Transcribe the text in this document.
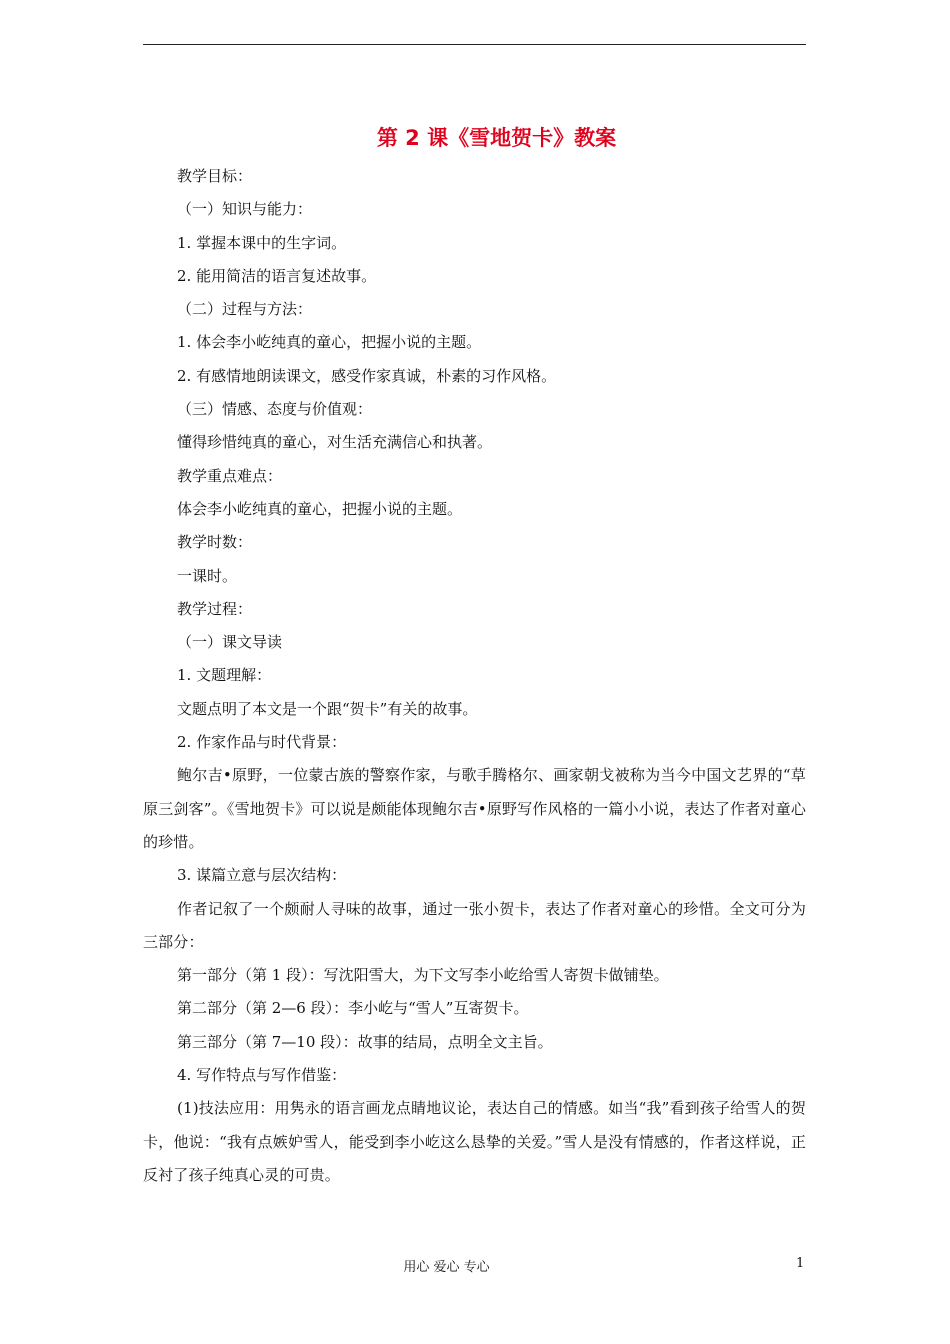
第 2 课《雪地贺卡》教案

教学目标：

（一）知识与能力：

1. 掌握本课中的生字词。

2. 能用简洁的语言复述故事。

（二）过程与方法：

1. 体会李小屹纯真的童心，把握小说的主题。

2. 有感情地朗读课文，感受作家真诚，朴素的习作风格。

（三）情感、态度与价值观：

懂得珍惜纯真的童心，对生活充满信心和执著。

教学重点难点：

体会李小屹纯真的童心，把握小说的主题。

教学时数：

一课时。

教学过程：

（一）课文导读

1. 文题理解：

文题点明了本文是一个跟“贺卡”有关的故事。

2. 作家作品与时代背景：

鲍尔吉•原野，一位蒙古族的警察作家，与歌手腾格尔、画家朝戈被称为当今中国文艺界的“草原三剑客”。《雪地贺卡》可以说是颇能体现鲍尔吉•原野写作风格的一篇小小说，表达了作者对童心的珍惜。

3. 谋篇立意与层次结构：

作者记叙了一个颇耐人寻味的故事，通过一张小贺卡，表达了作者对童心的珍惜。全文可分为三部分：

第一部分（第 1 段）：写沈阳雪大，为下文写李小屹给雪人寄贺卡做铺垫。

第二部分（第 2—6 段）：李小屹与“雪人”互寄贺卡。

第三部分（第 7—10 段）：故事的结局，点明全文主旨。

4. 写作特点与写作借鉴：

(1)技法应用：用隽永的语言画龙点睛地议论，表达自己的情感。如当“我”看到孩子给雪人的贺卡，他说：“我有点嫉妒雪人，能受到李小屹这么恳挚的关爱。”雪人是没有情感的，作者这样说，正反衬了孩子纯真心灵的可贵。

用心 爱心 专心	1
